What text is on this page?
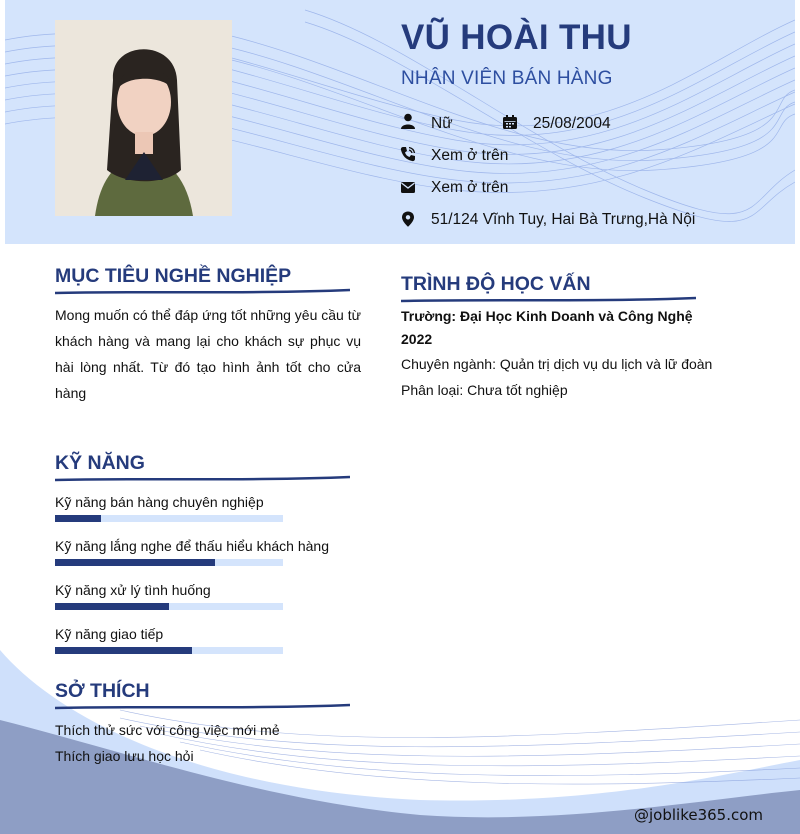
VŨ HOÀI THU
NHÂN VIÊN BÁN HÀNG
Nữ	25/08/2004
Xem ở trên
Xem ở trên
51/124 Vĩnh Tuy, Hai Bà Trưng,Hà Nội
MỤC TIÊU NGHỀ NGHIỆP
Mong muốn có thể đáp ứng tốt những yêu cầu từ khách hàng và mang lại cho khách sự phục vụ hài lòng nhất. Từ đó tạo hình ảnh tốt cho cửa hàng
TRÌNH ĐỘ HỌC VẤN
Trường: Đại Học Kinh Doanh và Công Nghệ
2022
Chuyên ngành: Quản trị dịch vụ du lịch và lữ đoàn
Phân loại: Chưa tốt nghiệp
KỸ NĂNG
Kỹ năng bán hàng chuyên nghiệp
Kỹ năng lắng nghe để thấu hiểu khách hàng
Kỹ năng xử lý tình huống
Kỹ năng giao tiếp
SỞ THÍCH
Thích thử sức với công việc mới mẻ
Thích giao lưu học hỏi
@joblike365.com
